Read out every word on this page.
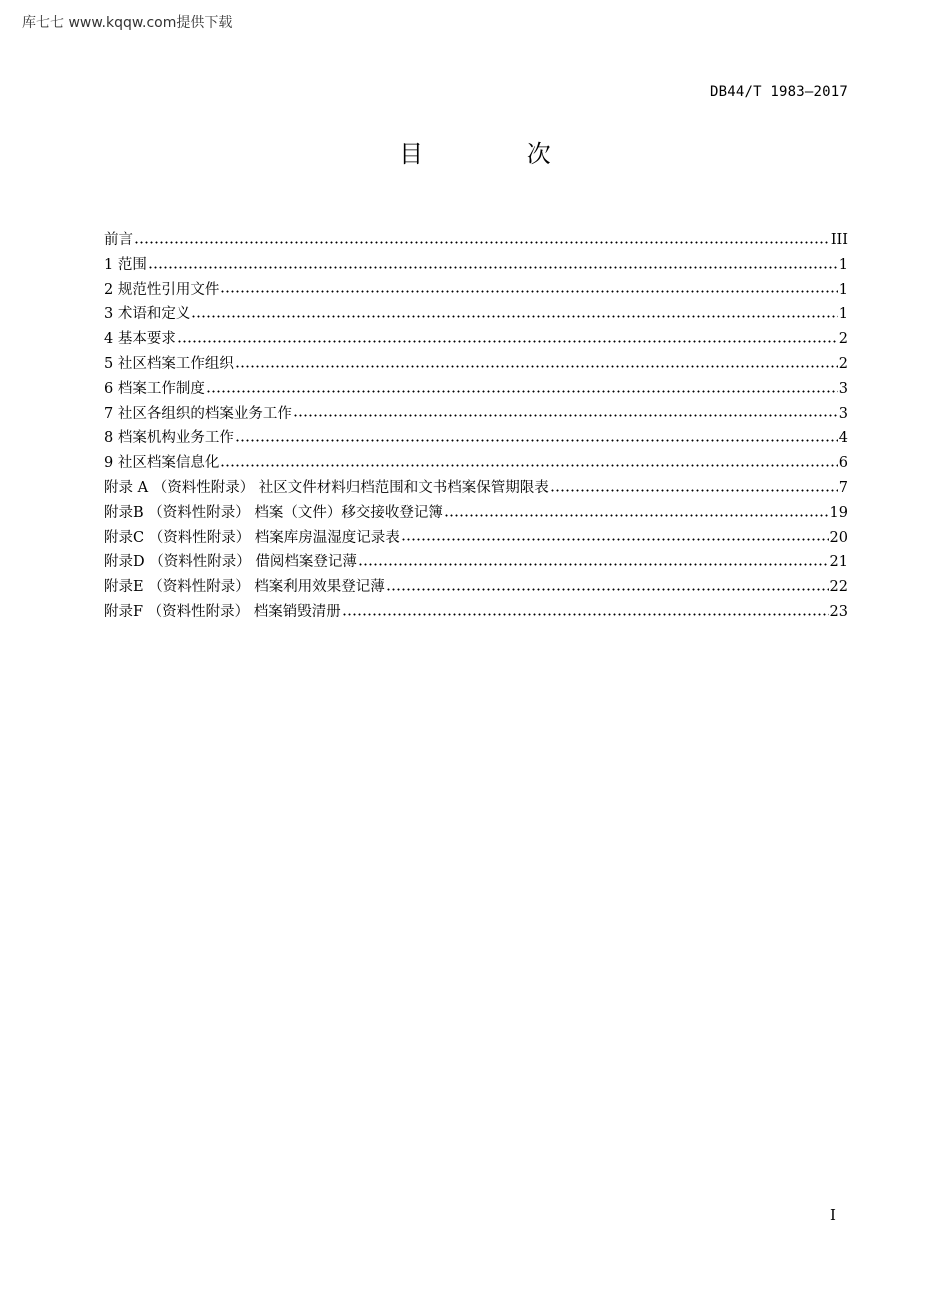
库七七 www.kqqw.com提供下载
DB44/T 1983—2017
目 次
前言	III
1 范围	1
2 规范性引用文件	1
3 术语和定义	1
4 基本要求	2
5 社区档案工作组织	2
6 档案工作制度	3
7 社区各组织的档案业务工作	3
8 档案机构业务工作	4
9 社区档案信息化	6
附录 A （资料性附录） 社区文件材料归档范围和文书档案保管期限表	7
附录B （资料性附录） 档案（文件）移交接收登记簿	19
附录C （资料性附录） 档案库房温湿度记录表	20
附录D （资料性附录） 借阅档案登记薄	21
附录E （资料性附录） 档案利用效果登记薄	22
附录F （资料性附录） 档案销毁清册	23
I
